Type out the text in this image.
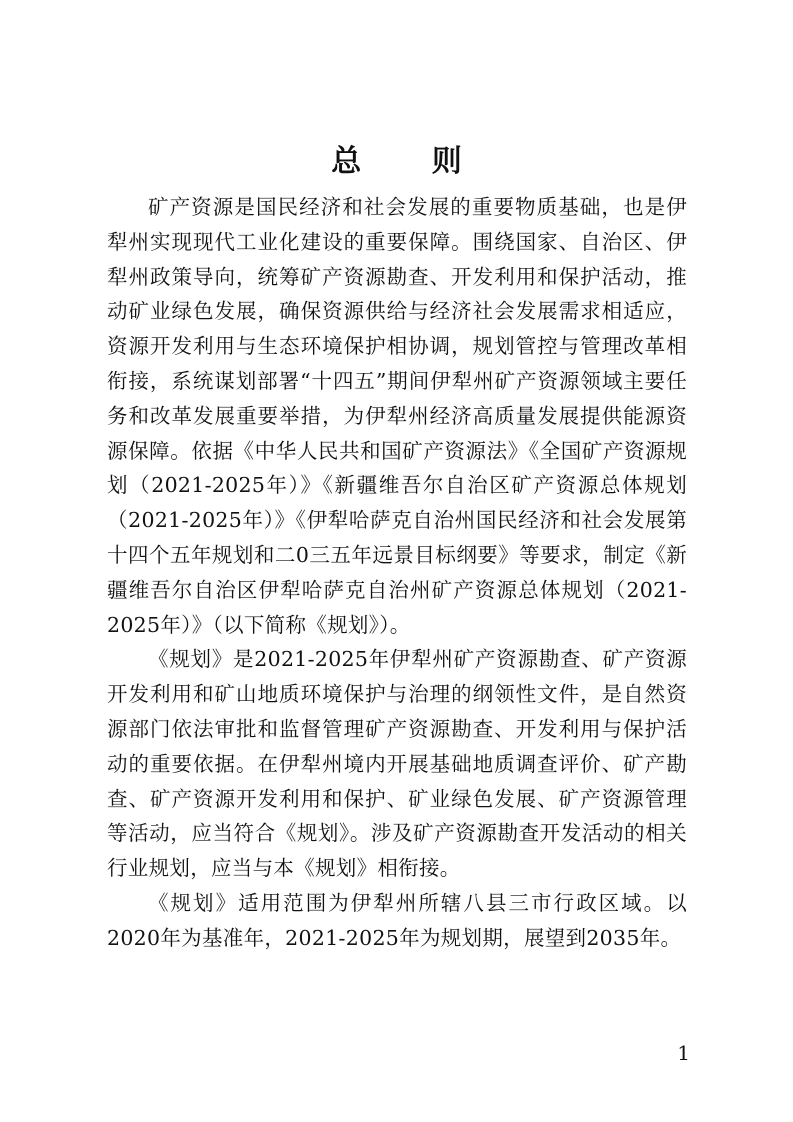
总 则

矿产资源是国民经济和社会发展的重要物质基础，也是伊犁州实现现代工业化建设的重要保障。围绕国家、自治区、伊犁州政策导向，统筹矿产资源勘查、开发利用和保护活动，推动矿业绿色发展，确保资源供给与经济社会发展需求相适应，资源开发利用与生态环境保护相协调，规划管控与管理改革相衔接，系统谋划部署“十四五”期间伊犁州矿产资源领域主要任务和改革发展重要举措，为伊犁州经济高质量发展提供能源资源保障。依据《中华人民共和国矿产资源法》《全国矿产资源规划（2021-2025年）》《新疆维吾尔自治区矿产资源总体规划（2021-2025年）》《伊犁哈萨克自治州国民经济和社会发展第十四个五年规划和二0三五年远景目标纲要》等要求，制定《新疆维吾尔自治区伊犁哈萨克自治州矿产资源总体规划（2021-2025年）》（以下简称《规划》）。

《规划》是2021-2025年伊犁州矿产资源勘查、矿产资源开发利用和矿山地质环境保护与治理的纲领性文件，是自然资源部门依法审批和监督管理矿产资源勘查、开发利用与保护活动的重要依据。在伊犁州境内开展基础地质调查评价、矿产勘查、矿产资源开发利用和保护、矿业绿色发展、矿产资源管理等活动，应当符合《规划》。涉及矿产资源勘查开发活动的相关行业规划，应当与本《规划》相衔接。

《规划》适用范围为伊犁州所辖八县三市行政区域。以2020年为基准年，2021-2025年为规划期，展望到2035年。

1
